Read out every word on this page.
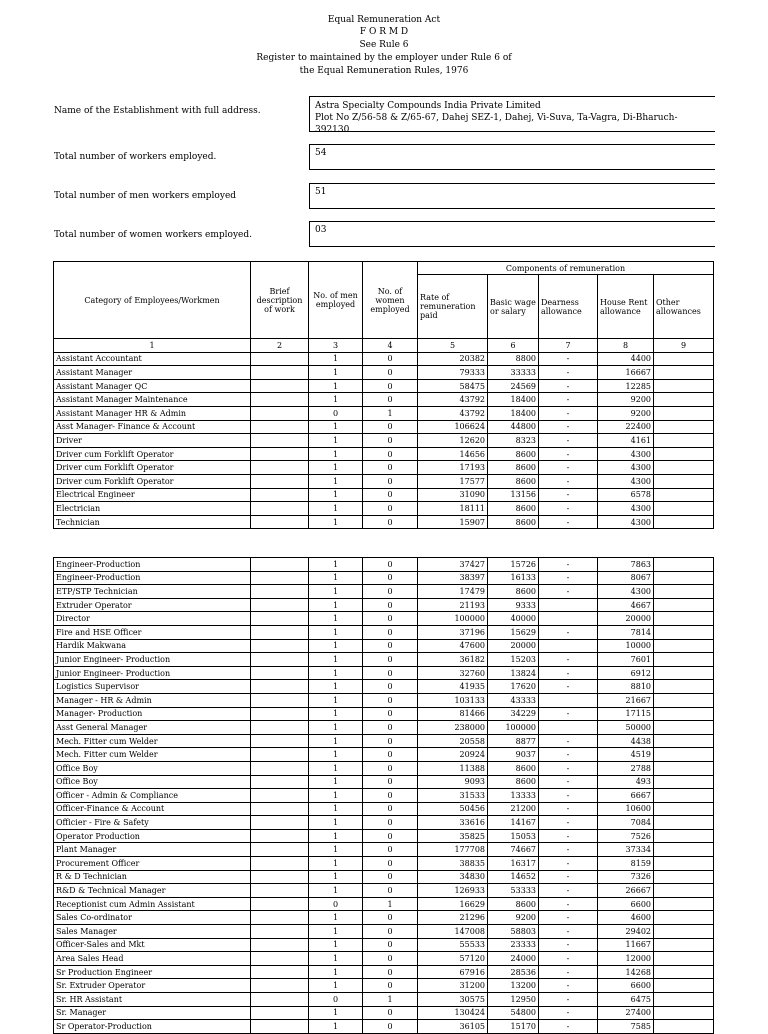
Equal Remuneration Act
F O R M D
See Rule 6
Register to maintained by the employer under Rule 6 of
the Equal Remuneration Rules, 1976
Name of the Establishment with full address.	Astra Specialty Compounds India Private Limited
Plot No Z/56-58 & Z/65-67, Dahej SEZ-1, Dahej, Vi-Suva, Ta-Vagra, Di-Bharuch-392130
Total number of workers employed.	54
Total number of men workers employed	51
Total number of women workers employed.	03
Category of Employees/Workmen	Brief description of work	No. of men employed	No. of women employed	Components of remuneration				
				Rate of remuneration paid	Basic wage or salary	Dearness allowance	House Rent allowance	Other allowances
1	2	3	4	5	6	7	8	9
Assistant Accountant		1	0	20382	8800	-	4400	
Assistant Manager		1	0	79333	33333	-	16667	
Assistant Manager QC		1	0	58475	24569	-	12285	
Assistant Manager Maintenance		1	0	43792	18400	-	9200	
Assistant Manager HR & Admin		0	1	43792	18400	-	9200	
Asst Manager- Finance & Account		1	0	106624	44800	-	22400	
Driver		1	0	12620	8323	-	4161	
Driver cum Forklift Operator		1	0	14656	8600	-	4300	
Driver cum Forklift Operator		1	0	17193	8600	-	4300	
Driver cum Forklift Operator		1	0	17577	8600	-	4300	
Electrical Engineer		1	0	31090	13156	-	6578	
Electrician		1	0	18111	8600	-	4300	
Technician		1	0	15907	8600	-	4300	
Engineer-Production		1	0	37427	15726	-	7863	
Engineer-Production		1	0	38397	16133	-	8067	
ETP/STP Technician		1	0	17479	8600	-	4300	
Extruder Operator		1	0	21193	9333		4667	
Director		1	0	100000	40000		20000	
Fire and HSE Officer		1	0	37196	15629	-	7814	
Hardik Makwana		1	0	47600	20000		10000	
Junior Engineer- Production		1	0	36182	15203	-	7601	
Junior Engineer- Production		1	0	32760	13824	-	6912	
Logistics Supervisor		1	0	41935	17620	-	8810	
Manager - HR & Admin		1	0	103133	43333		21667	
Manager- Production		1	0	81466	34229	-	17115	
Asst General Manager		1	0	238000	100000		50000	
Mech. Fitter cum Welder		1	0	20558	8877	-	4438	
Mech. Fitter cum Welder		1	0	20924	9037	-	4519	
Office Boy		1	0	11388	8600	-	2788	
Office Boy		1	0	9093	8600	-	493	
Officer - Admin & Compliance		1	0	31533	13333	-	6667	
Officer-Finance & Account		1	0	50456	21200	-	10600	
Officier - Fire & Safety		1	0	33616	14167	-	7084	
Operator Production		1	0	35825	15053	-	7526	
Plant Manager		1	0	177708	74667	-	37334	
Procurement Officer		1	0	38835	16317	-	8159	
R & D Technician		1	0	34830	14652	-	7326	
R&D & Technical Manager		1	0	126933	53333	-	26667	
Receptionist cum Admin Assistant		0	1	16629	8600	-	6600	
Sales Co-ordinator		1	0	21296	9200	-	4600	
Sales Manager		1	0	147008	58803	-	29402	
Officer-Sales and Mkt		1	0	55533	23333	-	11667	
Area Sales Head		1	0	57120	24000	-	12000	
Sr Production Engineer		1	0	67916	28536	-	14268	
Sr. Extruder Operator		1	0	31200	13200	-	6600	
Sr. HR Assistant		0	1	30575	12950	-	6475	
Sr. Manager		1	0	130424	54800	-	27400	
Sr Operator-Production		1	0	36105	15170	-	7585	
